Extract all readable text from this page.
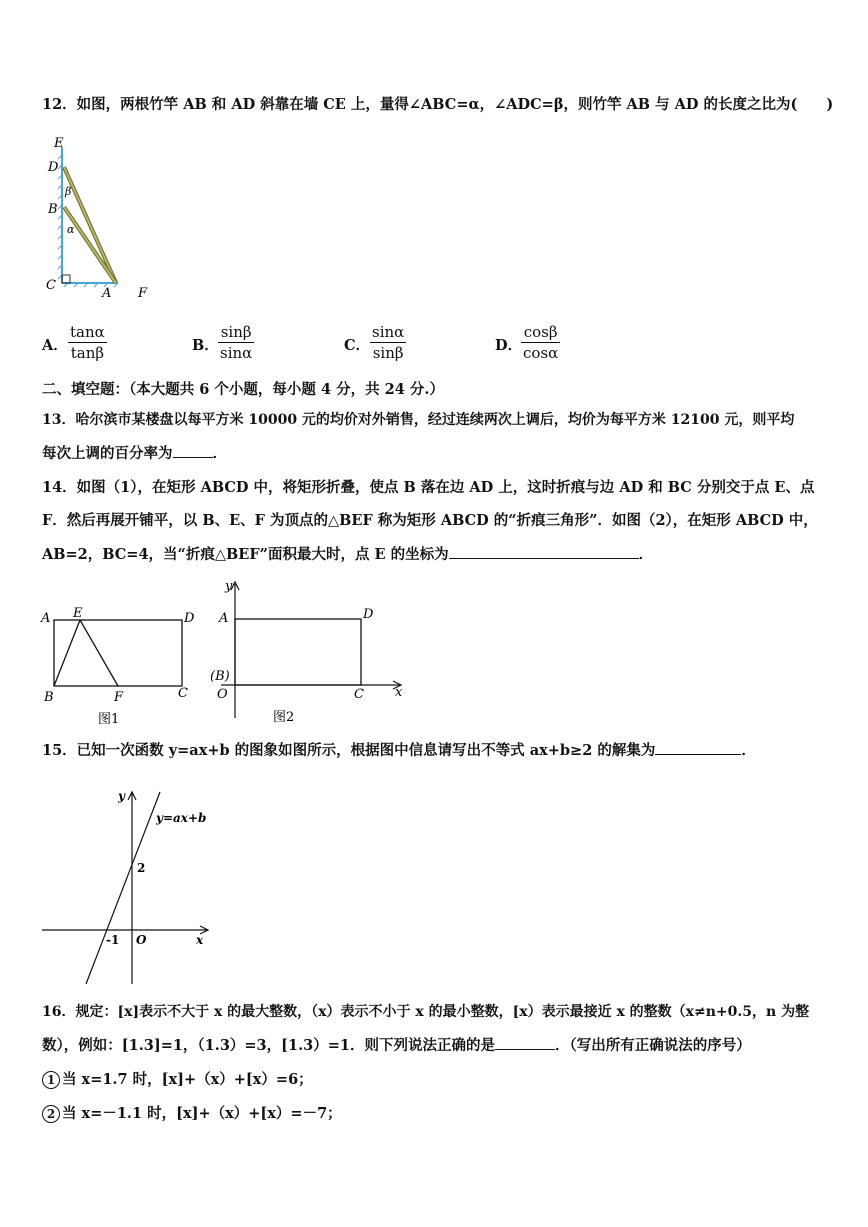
12．如图，两根竹竿 AB 和 AD 斜靠在墙 CE 上，量得∠ABC=α，∠ADC=β，则竹竿 AB 与 AD 的长度之比为(　　)
E
D
B
C
A F
β
α
A． $\frac{\tan\alpha}{\tan\beta}$	B． $\frac{\sin\beta}{\sin\alpha}$	C． $\frac{\sin\alpha}{\sin\beta}$	D．
$\frac{\cos\beta}{\cos\alpha}$
二、填空题：（本大题共 6 个小题，每小题 4 分，共 24 分.）
13．哈尔滨市某楼盘以每平方米 10000 元的均价对外销售，经过连续两次上调后，均价为每平方米 12100 元，则平均
每次上调的百分率为	．
14．如图（1），在矩形 ABCD 中，将矩形折叠，使点 B 落在边 AD 上，这时折痕与边 AD 和 BC 分别交于点 E、点
F．然后再展开铺平，以 B、E、F 为顶点的△BEF 称为矩形 ABCD 的“折痕三角形”．如图（2），在矩形 ABCD 中，
AB=2，BC=4，当“折痕△BEF”面积最大时，点 E 的坐标为	．
A E	D
B	F	C
图1
y
A	D
(B)
O	C x
图2
15．已知一次函数 y=ax+b 的图象如图所示，根据图中信息请写出不等式 ax+b≥2 的解集为	．
y
x
O
y=ax+b
2
-1
16．规定：[x]表示不大于 x 的最大整数，（x）表示不小于 x 的最小整数，[x）表示最接近 x 的整数（x≠n+0.5，n 为整
数），例如：[1.3]=1，（1.3）=3，[1.3）=1．则下列说法正确的是	．（写出所有正确说法的序号）
1 当 x=1.7 时，[x]+（x）+[x）=6；
2 当 x=－1.1 时，[x]+（x）+[x）=－7；
